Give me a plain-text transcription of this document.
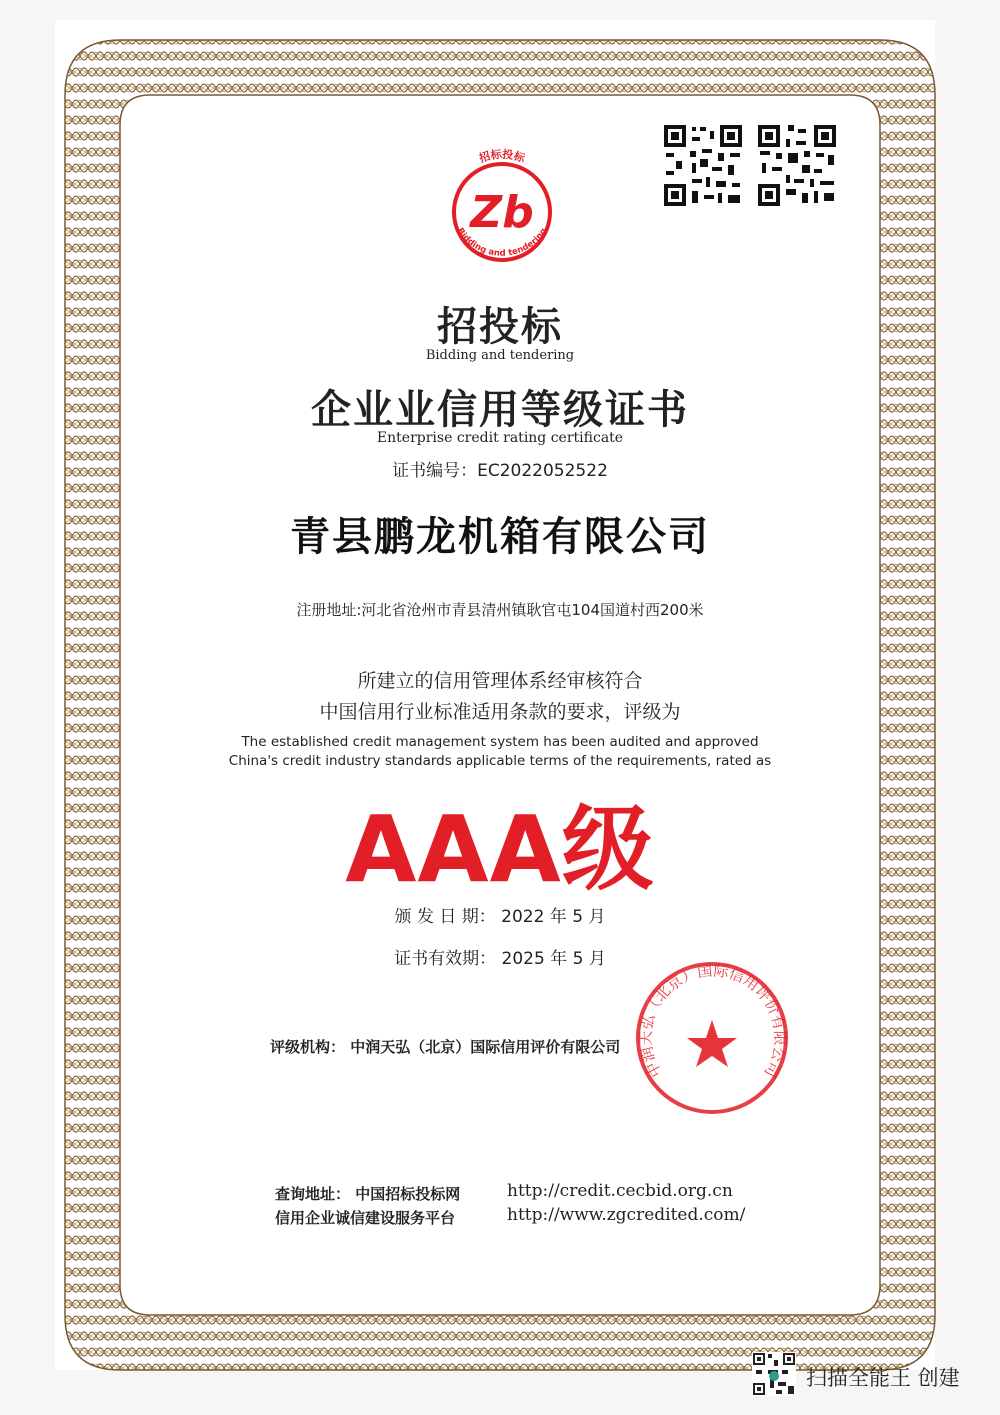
招标投标
Zb
Bidding and tendering
招投标
Bidding and tendering
企业业信用等级证书
Enterprise credit rating certificate
证书编号：EC2022052522
青县鹏龙机箱有限公司
注册地址:河北省沧州市青县清州镇耿官屯104国道村西200米
所建立的信用管理体系经审核符合
中国信用行业标准适用条款的要求，评级为
The established credit management system has been audited and approved
China's credit industry standards applicable terms of the requirements, rated as
AAA级
颁 发 日 期： 2022 年 5 月
证书有效期： 2025 年 5 月
评级机构： 中润天弘（北京）国际信用评价有限公司
中润天弘（北京）国际信用评价有限公司
查询地址： 中国招标投标网	http://credit.cecbid.org.cn
信用企业诚信建设服务平台	http://www.zgcredited.com/
扫描全能王 创建
